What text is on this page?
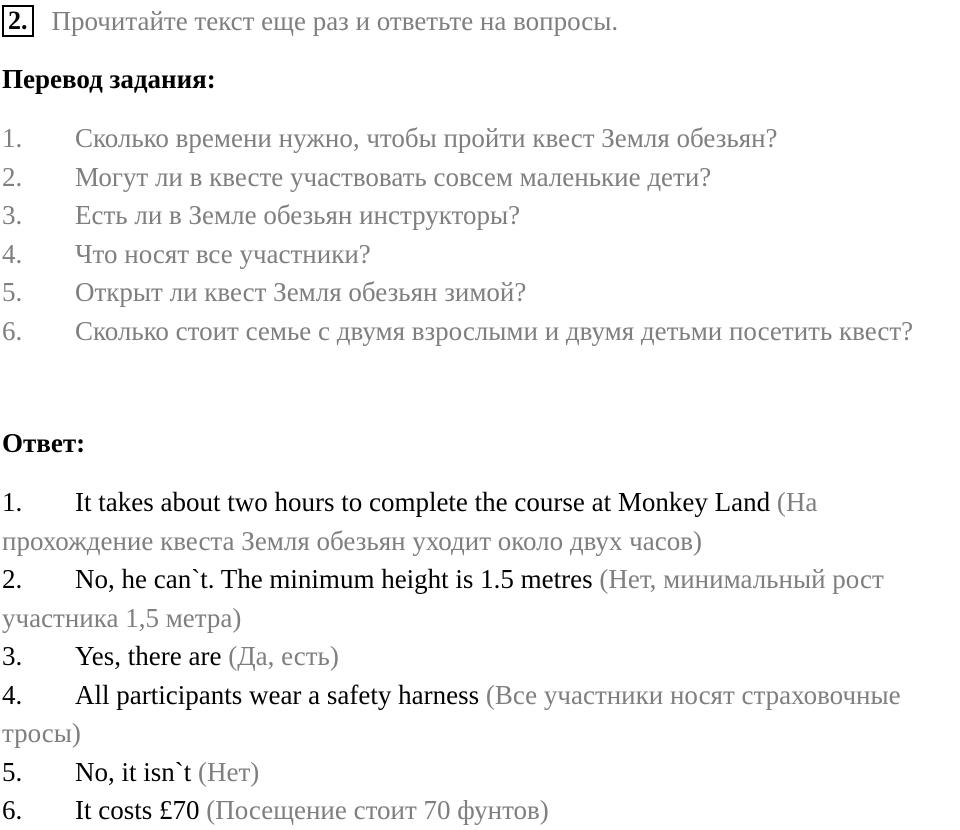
2. Прочитайте текст еще раз и ответьте на вопросы.
Перевод задания:

1. Сколько времени нужно, чтобы пройти квест Земля обезьян?

2. Могут ли в квесте участвовать совсем маленькие дети?

3. Есть ли в Земле обезьян инструкторы?

4. Что носят все участники?

5. Открыт ли квест Земля обезьян зимой?

6. Сколько стоит семье с двумя взрослыми и двумя детьми посетить квест?

Ответ:

1. It takes about two hours to complete the course at Monkey Land (На прохождение квеста Земля обезьян уходит около двух часов)

2. No, he can`t. The minimum height is 1.5 metres (Нет, минимальный рост участника 1,5 метра)

3. Yes, there are (Да, есть)

4. All participants wear a safety harness (Все участники носят страховочные тросы)

5. No, it isn`t (Нет)

6. It costs £70 (Посещение стоит 70 фунтов)
